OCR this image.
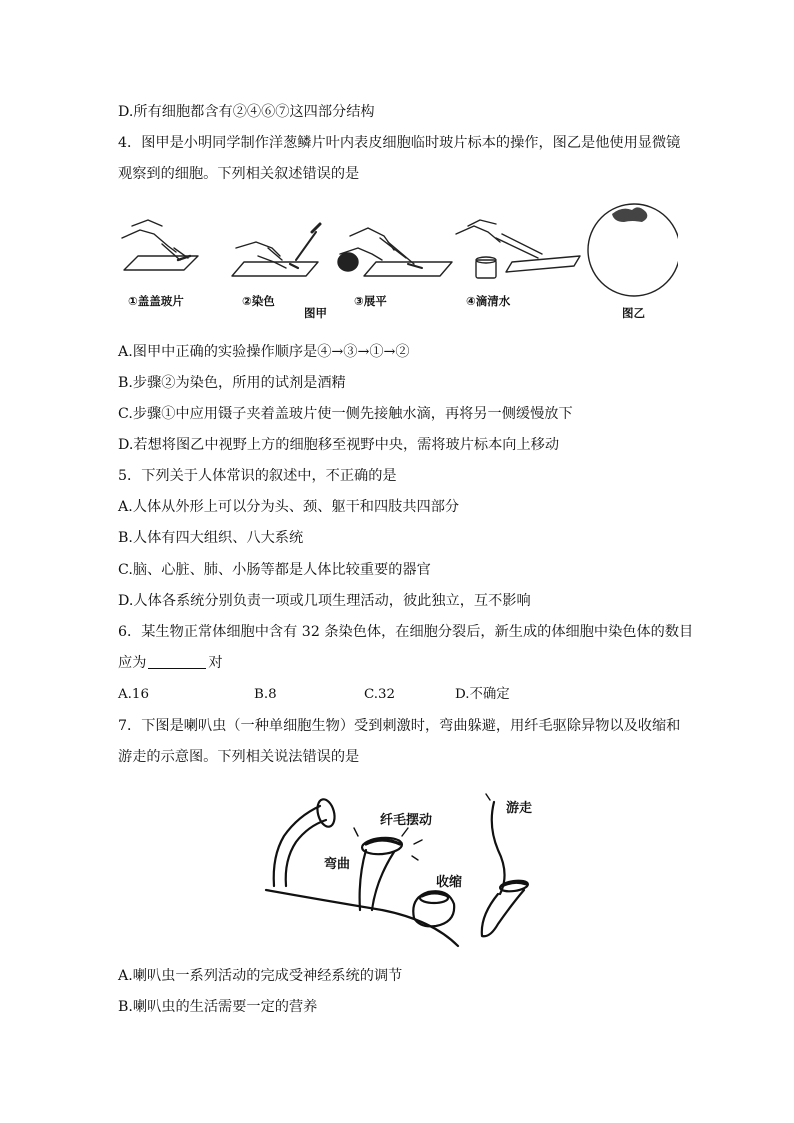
D.所有细胞都含有②④⑥⑦这四部分结构
4．图甲是小明同学制作洋葱鳞片叶内表皮细胞临时玻片标本的操作，图乙是他使用显微镜
观察到的细胞。下列相关叙述错误的是
①盖盖玻片	②染色	③展平	④滴清水
图甲	图乙
A.图甲中正确的实验操作顺序是④→③→①→②
B.步骤②为染色，所用的试剂是酒精
C.步骤①中应用镊子夹着盖玻片使一侧先接触水滴，再将另一侧缓慢放下
D.若想将图乙中视野上方的细胞移至视野中央，需将玻片标本向上移动
5．下列关于人体常识的叙述中，不正确的是
A.人体从外形上可以分为头、颈、躯干和四肢共四部分
B.人体有四大组织、八大系统
C.脑、心脏、肺、小肠等都是人体比较重要的器官
D.人体各系统分别负责一项或几项生理活动，彼此独立，互不影响
6．某生物正常体细胞中含有 32 条染色体，在细胞分裂后，新生成的体细胞中染色体的数目
应为	对
A.16	B.8	C.32	D.不确定
7．下图是喇叭虫（一种单细胞生物）受到刺激时，弯曲躲避，用纤毛驱除异物以及收缩和
游走的示意图。下列相关说法错误的是
弯曲
纤毛摆动
收缩
游走
A.喇叭虫一系列活动的完成受神经系统的调节
B.喇叭虫的生活需要一定的营养
